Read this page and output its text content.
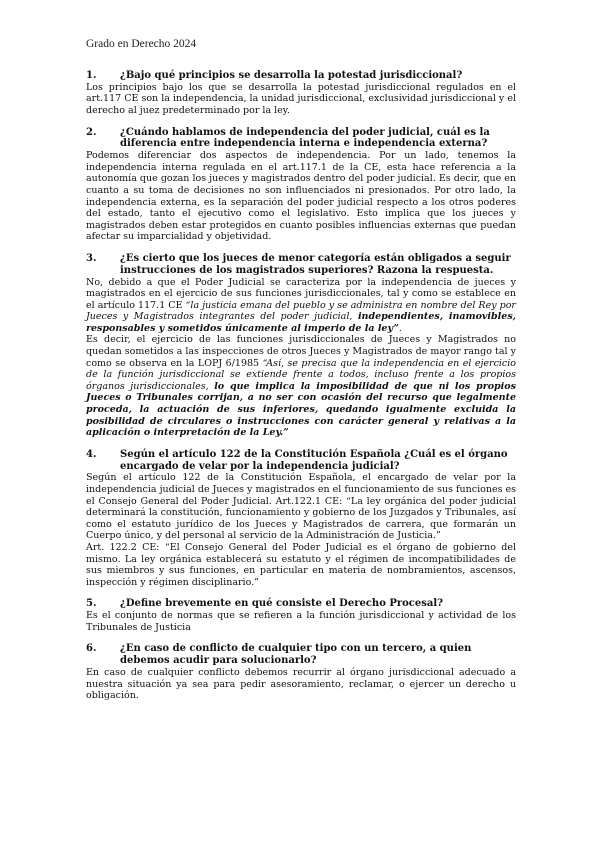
Grado en Derecho 2024
1.	¿Bajo qué principios se desarrolla la potestad jurisdiccional?

Los principios bajo los que se desarrolla la potestad jurisdiccional regulados en el art.117 CE son la independencia, la unidad jurisdiccional, exclusividad jurisdiccional y el derecho al juez predeterminado por la ley.

2.	¿Cuándo hablamos de independencia del poder judicial, cuál es la diferencia entre independencia interna e independencia externa?

Podemos diferenciar dos aspectos de independencia. Por un lado, tenemos la independencia interna regulada en el art.117.1 de la CE, esta hace referencia a la autonomía que gozan los jueces y magistrados dentro del poder judicial. Es decir, que en cuanto a su toma de decisiones no son influenciados ni presionados. Por otro lado, la independencia externa, es la separación del poder judicial respecto a los otros poderes del estado, tanto el ejecutivo como el legislativo. Esto implica que los jueces y magistrados deben estar protegidos en cuanto posibles influencias externas que puedan afectar su imparcialidad y objetividad.

3.	¿Es cierto que los jueces de menor categoría están obligados a seguir instrucciones de los magistrados superiores? Razona la respuesta.

No, debido a que el Poder Judicial se caracteriza por la independencia de jueces y magistrados en el ejercicio de sus funciones jurisdiccionales, tal y como se establece en el artículo 117.1 CE “la justicia emana del pueblo y se administra en nombre del Rey por Jueces y Magistrados integrantes del poder judicial, independientes, inamovibles, responsables y sometidos únicamente al imperio de la ley”.

Es decir, el ejercicio de las funciones jurisdiccionales de Jueces y Magistrados no quedan sometidos a las inspecciones de otros Jueces y Magistrados de mayor rango tal y como se observa en la LOPJ 6/1985 “Así, se precisa que la independencia en el ejercicio de la función jurisdiccional se extiende frente a todos, incluso frente a los propios órganos jurisdiccionales, lo que implica la imposibilidad de que ni los propios Jueces o Tribunales corrijan, a no ser con ocasión del recurso que legalmente proceda, la actuación de sus inferiores, quedando igualmente excluida la posibilidad de circulares o instrucciones con carácter general y relativas a la aplicación o interpretación de la Ley.”

4.	Según el artículo 122 de la Constitución Española ¿Cuál es el órgano encargado de velar por la independencia judicial?

Según el artículo 122 de la Constitución Española, el encargado de velar por la independencia judicial de Jueces y magistrados en el funcionamiento de sus funciones es el Consejo General del Poder Judicial. Art.122.1 CE: “La ley orgánica del poder judicial determinará la constitución, funcionamiento y gobierno de los Juzgados y Tribunales, así como el estatuto jurídico de los Jueces y Magistrados de carrera, que formarán un Cuerpo único, y del personal al servicio de la Administración de Justicia.”

Art. 122.2 CE: “El Consejo General del Poder Judicial es el órgano de gobierno del mismo. La ley orgánica establecerá su estatuto y el régimen de incompatibilidades de sus miembros y sus funciones, en particular en materia de nombramientos, ascensos, inspección y régimen disciplinario.”

5.	¿Define brevemente en qué consiste el Derecho Procesal?

Es el conjunto de normas que se refieren a la función jurisdiccional y actividad de los Tribunales de Justicia

6.	¿En caso de conflicto de cualquier tipo con un tercero, a quien debemos acudir para solucionarlo?

En caso de cualquier conflicto debemos recurrir al órgano jurisdiccional adecuado a nuestra situación ya sea para pedir asesoramiento, reclamar, o ejercer un derecho u obligación.
